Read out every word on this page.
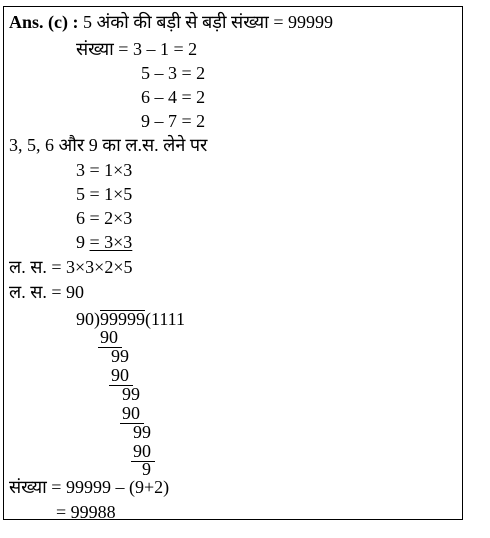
Ans. (c) : 5 अंको की बड़ी से बड़ी संख्या = 99999
संख्या = 3 – 1 = 2
5 – 3 = 2
6 – 4 = 2
9 – 7 = 2
3, 5, 6 और 9 का ल.स. लेने पर
3 = 1×3
5 = 1×5
6 = 2×3
9 = 3×3
ल. स. = 3×3×2×5
ल. स. = 90
90)99999(1111
90
99
90
99
90
99
90
9
संख्या = 99999 – (9+2)
= 99988
